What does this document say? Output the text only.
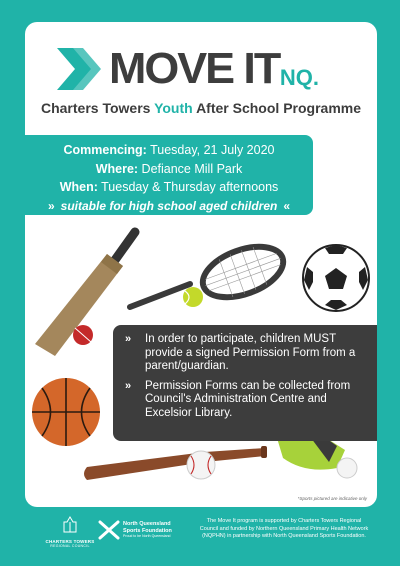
MOVE IT NQ.
Charters Towers Youth After School Programme
Commencing: Tuesday, 21 July 2020
Where: Defiance Mill Park
When: Tuesday & Thursday afternoons
» suitable for high school aged children «
»	In order to participate, children MUST provide a signed Permission Form from a parent/guardian.
»	Permission Forms can be collected from Council's Administration Centre and Excelsior Library.
*Sports pictured are indicative only
CHARTERS TOWERS
REGIONAL COUNCIL
North Queensland
Sports Foundation
Proud to be North Queensland
The Move It program is supported by Charters Towers Regional Council and funded by Northern Queensland Primary Health Network (NQPHN) in partnership with North Queensland Sports Foundation.
